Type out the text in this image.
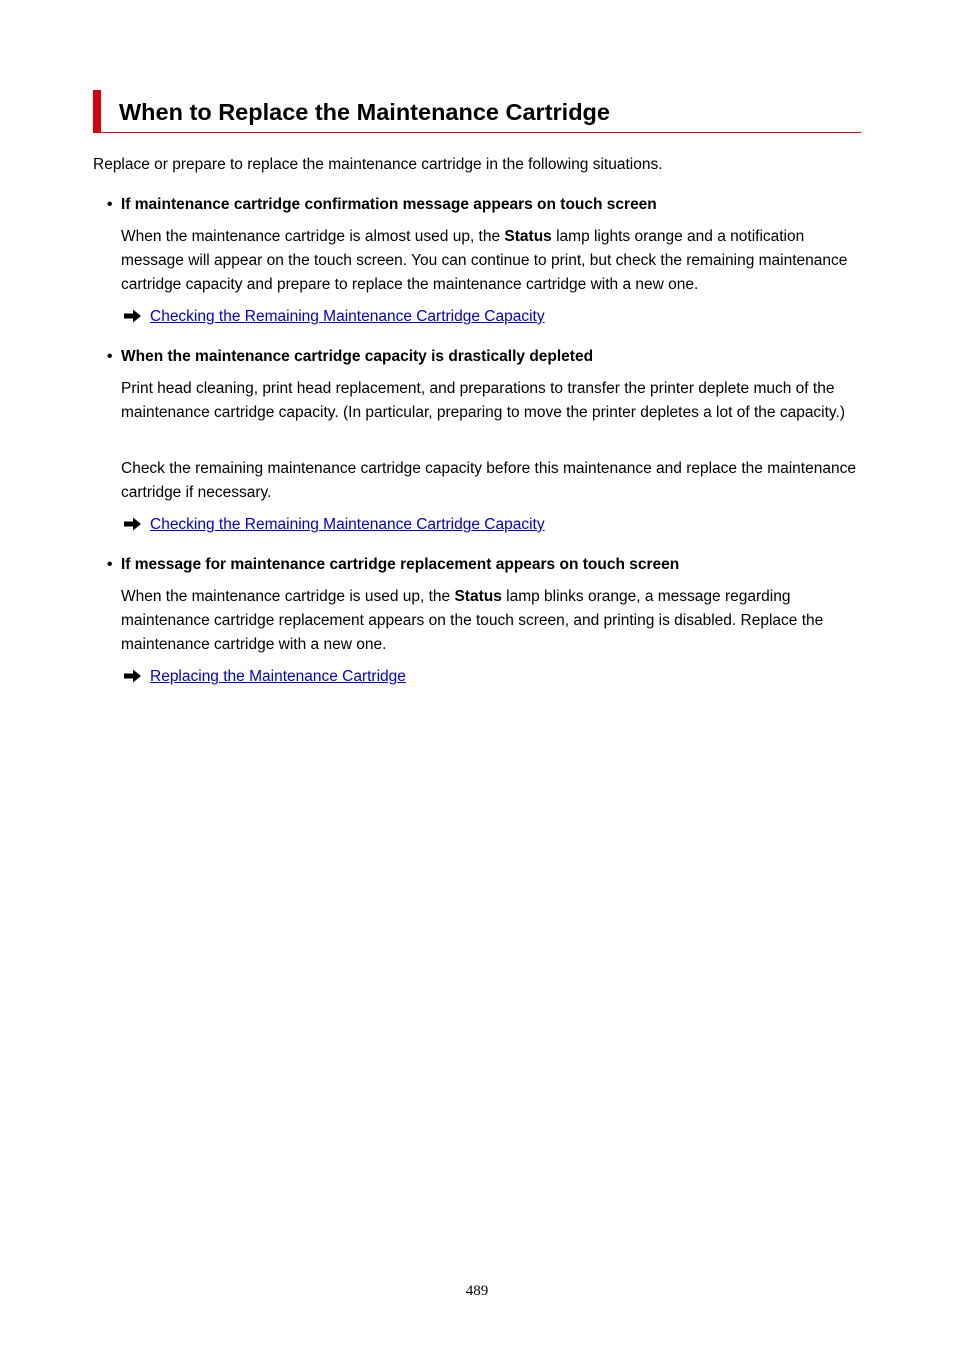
When to Replace the Maintenance Cartridge

Replace or prepare to replace the maintenance cartridge in the following situations.

• If maintenance cartridge confirmation message appears on touch screen

When the maintenance cartridge is almost used up, the Status lamp lights orange and a notification message will appear on the touch screen. You can continue to print, but check the remaining maintenance cartridge capacity and prepare to replace the maintenance cartridge with a new one.

Checking the Remaining Maintenance Cartridge Capacity

• When the maintenance cartridge capacity is drastically depleted

Print head cleaning, print head replacement, and preparations to transfer the printer deplete much of the maintenance cartridge capacity. (In particular, preparing to move the printer depletes a lot of the capacity.)

Check the remaining maintenance cartridge capacity before this maintenance and replace the maintenance cartridge if necessary.

Checking the Remaining Maintenance Cartridge Capacity

• If message for maintenance cartridge replacement appears on touch screen

When the maintenance cartridge is used up, the Status lamp blinks orange, a message regarding maintenance cartridge replacement appears on the touch screen, and printing is disabled. Replace the maintenance cartridge with a new one.

Replacing the Maintenance Cartridge
489
